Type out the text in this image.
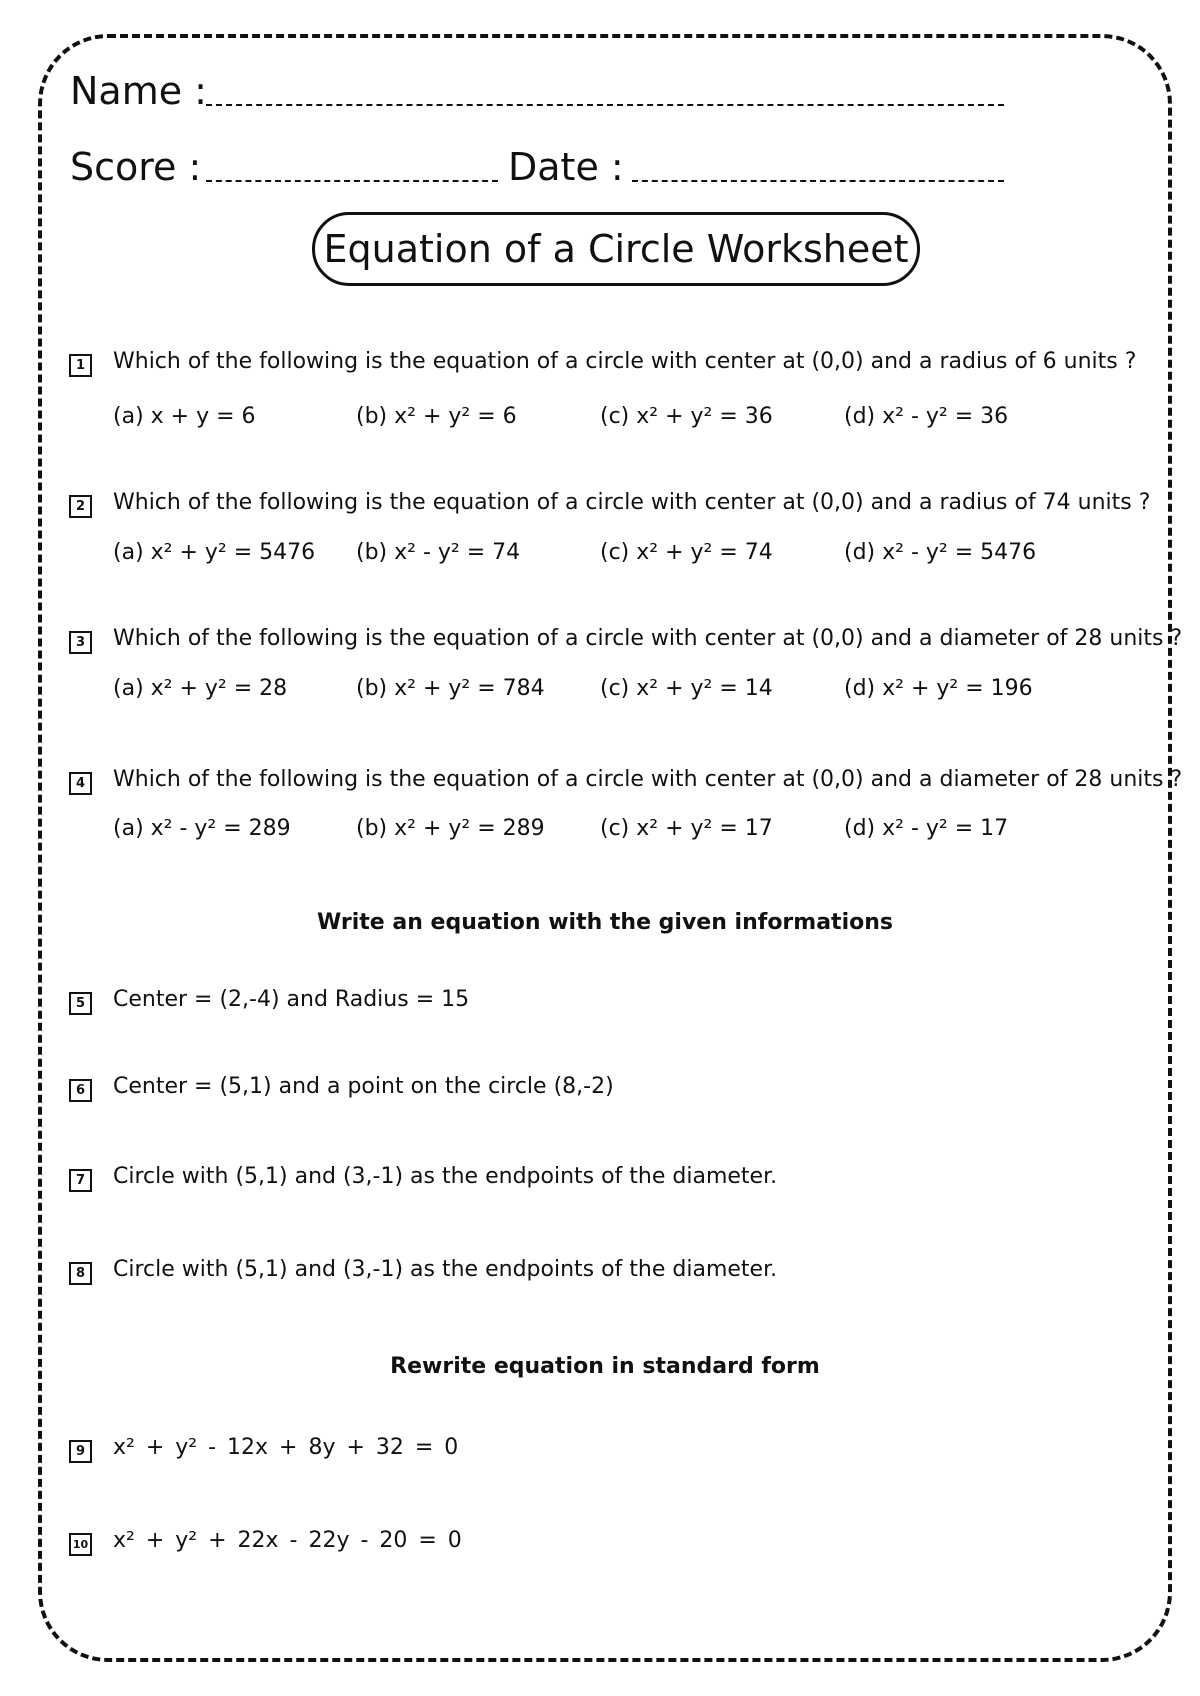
Name :
Score :	Date :
Equation of a Circle Worksheet
1	Which of the following is the equation of a circle with center at (0,0) and a radius of 6 units ?
(a) x + y = 6	(b) x² + y² = 6	(c) x² + y² = 36	(d) x² - y² = 36
2	Which of the following is the equation of a circle with center at (0,0) and a radius of 74 units ?
(a) x² + y² = 5476 (b) x² - y² = 74	(c) x² + y² = 74	(d) x² - y² = 5476
3	Which of the following is the equation of a circle with center at (0,0) and a diameter of 28 units ?
(a) x² + y² = 28	(b) x² + y² = 784	(c) x² + y² = 14	(d) x² + y² = 196
4	Which of the following is the equation of a circle with center at (0,0) and a diameter of 28 units ?
(a) x² - y² = 289	(b) x² + y² = 289	(c) x² + y² = 17	(d) x² - y² = 17
Write an equation with the given informations
5	Center = (2,-4) and Radius = 15
6	Center = (5,1) and a point on the circle (8,-2)
7	Circle with (5,1) and (3,-1) as the endpoints of the diameter.
8	Circle with (5,1) and (3,-1) as the endpoints of the diameter.
Rewrite equation in standard form
9	x² + y² - 12x + 8y + 32 = 0
10 x² + y² + 22x - 22y - 20 = 0
